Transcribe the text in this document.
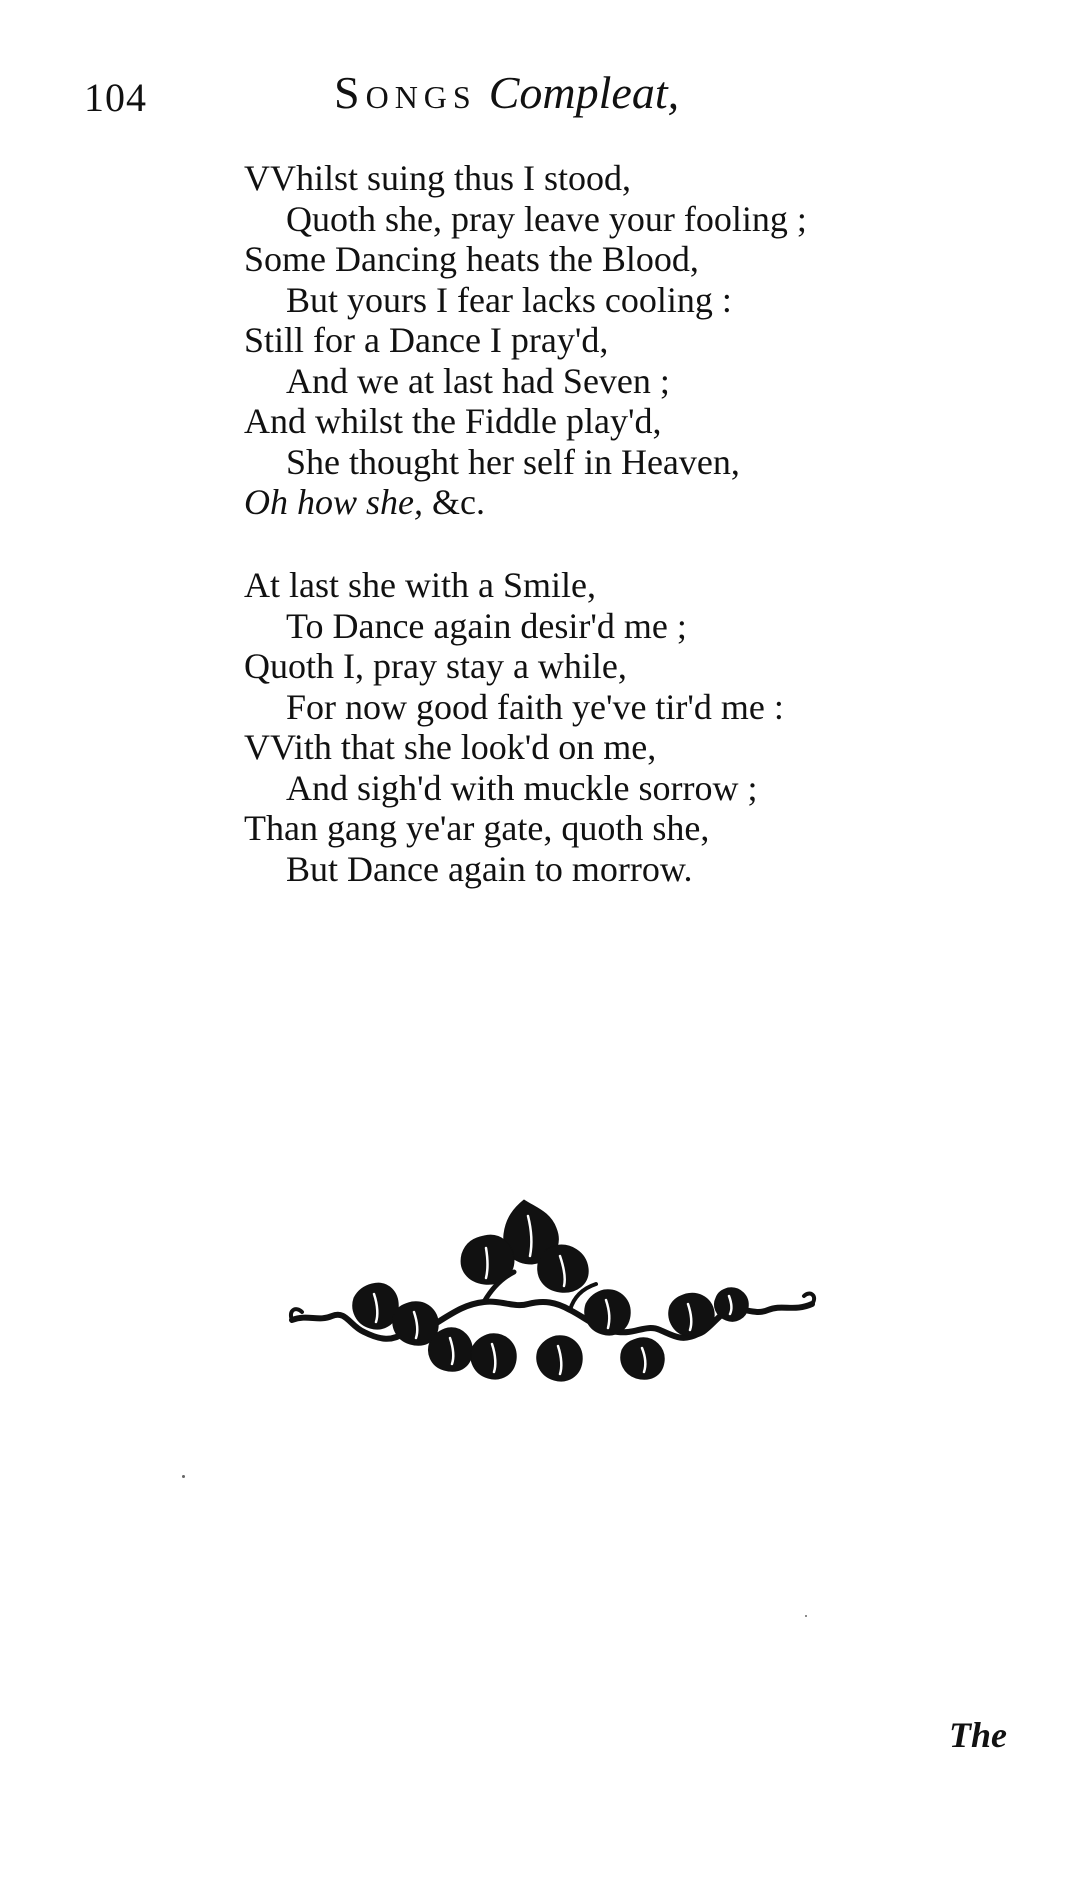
104	Songs Compleat,
VVhilst suing thus I stood,
Quoth she, pray leave your fooling ;
Some Dancing heats the Blood,
But yours I fear lacks cooling :
Still for a Dance I pray'd,
And we at last had Seven ;
And whilst the Fiddle play'd,
She thought her self in Heaven,
Oh how she, &c.
At last she with a Smile,
To Dance again desir'd me ;
Quoth I, pray stay a while,
For now good faith ye've tir'd me :
VVith that she look'd on me,
And sigh'd with muckle sorrow ;
Than gang ye'ar gate, quoth she,
But Dance again to morrow.
The
